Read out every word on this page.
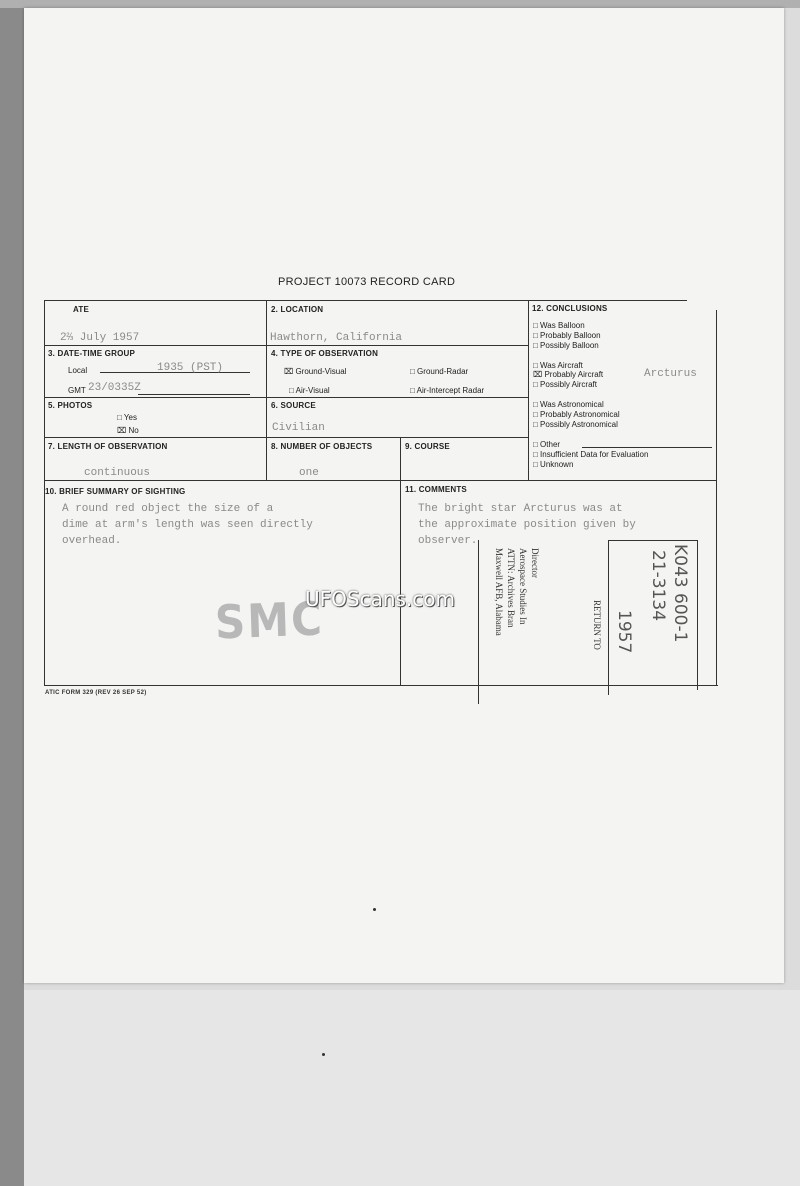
PROJECT 10073 RECORD CARD
ATE
2⅔ July 1957
2. LOCATION
Hawthorn, California
3. DATE-TIME GROUP
Local	1935 (PST)
GMT 23/0335Z
4. TYPE OF OBSERVATION
⌧ Ground-Visual	□ Ground-Radar
□ Air-Visual	□ Air-Intercept Radar
5. PHOTOS
□ Yes
⌧ No
6. SOURCE
Civilian
7. LENGTH OF OBSERVATION
continuous
8. NUMBER OF OBJECTS
one
9. COURSE
10. BRIEF SUMMARY OF SIGHTING
A round red object the size of a
dime at arm's length was seen directly
overhead.
11. COMMENTS
The bright star Arcturus was at
the approximate position given by
observer.
12. CONCLUSIONS
□ Was Balloon
□ Probably Balloon
□ Possibly Balloon
□ Was Aircraft
⌧ Probably Aircraft	Arcturus
□ Possibly Aircraft
□ Was Astronomical
□ Probably Astronomical
□ Possibly Astronomical
□ Other
□ Insufficient Data for Evaluation
□ Unknown
SMC
Director
Aerospace Studies In
ATTN: Archives Bran
Maxwell AFB, Alabama	RETURN TO	K043 600-1
21-3134
1957
UFOScans.com
ATIC FORM 329 (REV 26 SEP 52)
